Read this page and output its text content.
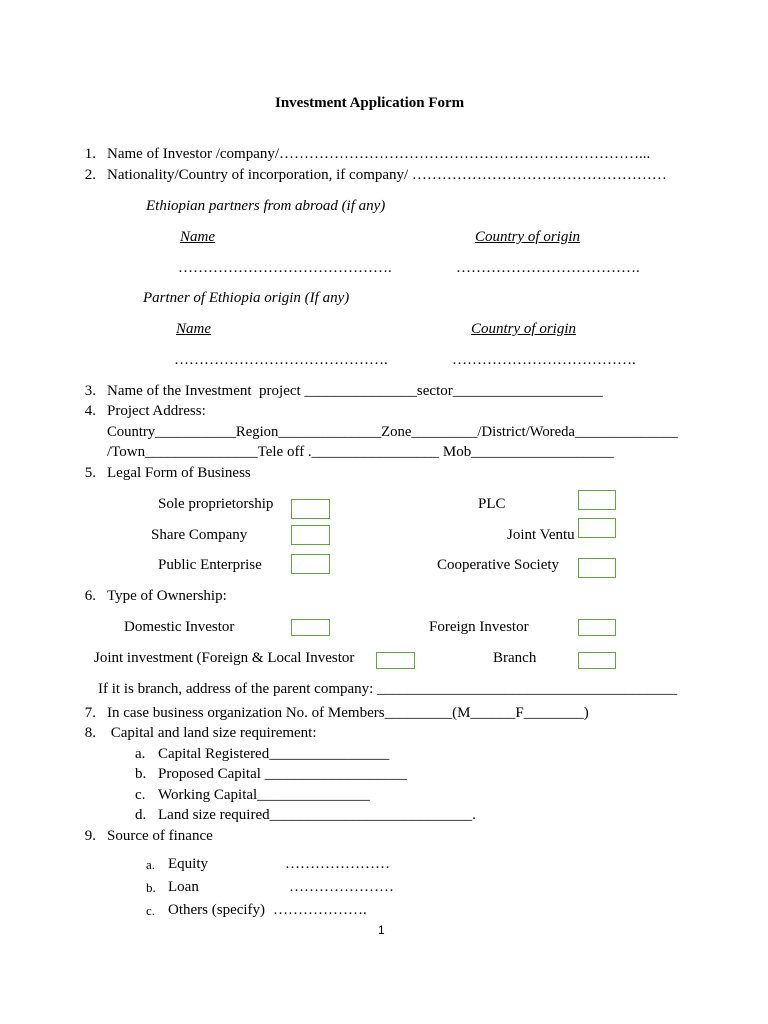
Investment Application Form
1. Name of Investor /company/………………………………………………………………...
2. Nationality/Country of incorporation, if company/ ……………………………………………
Ethiopian partners from abroad (if any)
Name	Country of origin
…………………………………….	……………………………….
Partner of Ethiopia origin (If any)
Name	Country of origin
…………………………………….	……………………………….
3. Name of the Investment  project _______________sector____________________
4. Project Address:
Country___________Region______________Zone_________/District/Woreda______________
/Town_______________Tele off ._________________ Mob___________________
5. Legal Form of Business
Sole proprietorship	PLC
Share Company	Joint Ventu
Public Enterprise	Cooperative Society
6. Type of Ownership:
Domestic Investor	Foreign Investor
Joint investment (Foreign & Local Investor	Branch
If it is branch, address of the parent company: ________________________________________
7. In case business organization No. of Members_________(M______F________)
8. Capital and land size requirement:
a. Capital Registered________________
b. Proposed Capital ___________________
c. Working Capital_______________
d. Land size required___________________________.
9. Source of finance
a. Equity	…………………
b. Loan	…………………
c. Others (specify) ……………….
1
